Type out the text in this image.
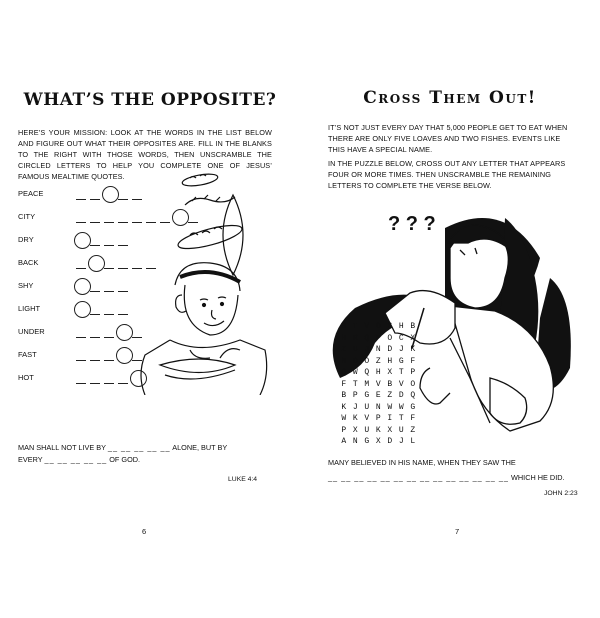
WHAT’S THE OPPOSITE?

HERE’S YOUR MISSION: LOOK AT THE WORDS IN THE LIST BELOW AND FIGURE OUT WHAT THEIR OPPOSITES ARE. FILL IN THE BLANKS TO THE RIGHT WITH THOSE WORDS, THEN UNSCRAMBLE THE CIRCLED LETTERS TO HELP YOU COMPLETE ONE OF JESUS’ FAMOUS MEALTIME QUOTES.

PEACE
CITY
DRY
BACK
SHY
LIGHT
UNDER
FAST
HOT

MAN SHALL NOT LIVE BY __ __ __ __ __ ALONE, BUT BY

EVERY __ __ __ __ __ OF GOD.

LUKE 4:4
6
Cross Them Out!

IT’S NOT JUST EVERY DAY THAT 5,000 PEOPLE GET TO EAT WHEN THERE ARE ONLY FIVE LOAVES AND TWO FISHES. EVENTS LIKE THIS HAVE A SPECIAL NAME.

IN THE PUZZLE BELOW, CROSS OUT ANY LETTER THAT APPEARS FOUR OR MORE TIMES. THEN UNSCRAMBLE THE REMAINING LETTERS TO COMPLETE THE VERSE BELOW.

? ? ?
B T V O S H B
H R Q F O C X
Z U J N D J K
N D O Z H G F
Q W Q H X T P
F T M V B V O
B P G E Z D Q
K J U N W W G
W K V P I T F
P X U K X U Z
A N G X D J L

MANY BELIEVED IN HIS NAME, WHEN THEY SAW THE

__ __ __ __ __ __ __ __ __ __ __ __ __ __ WHICH HE DID.

JOHN 2:23
7
